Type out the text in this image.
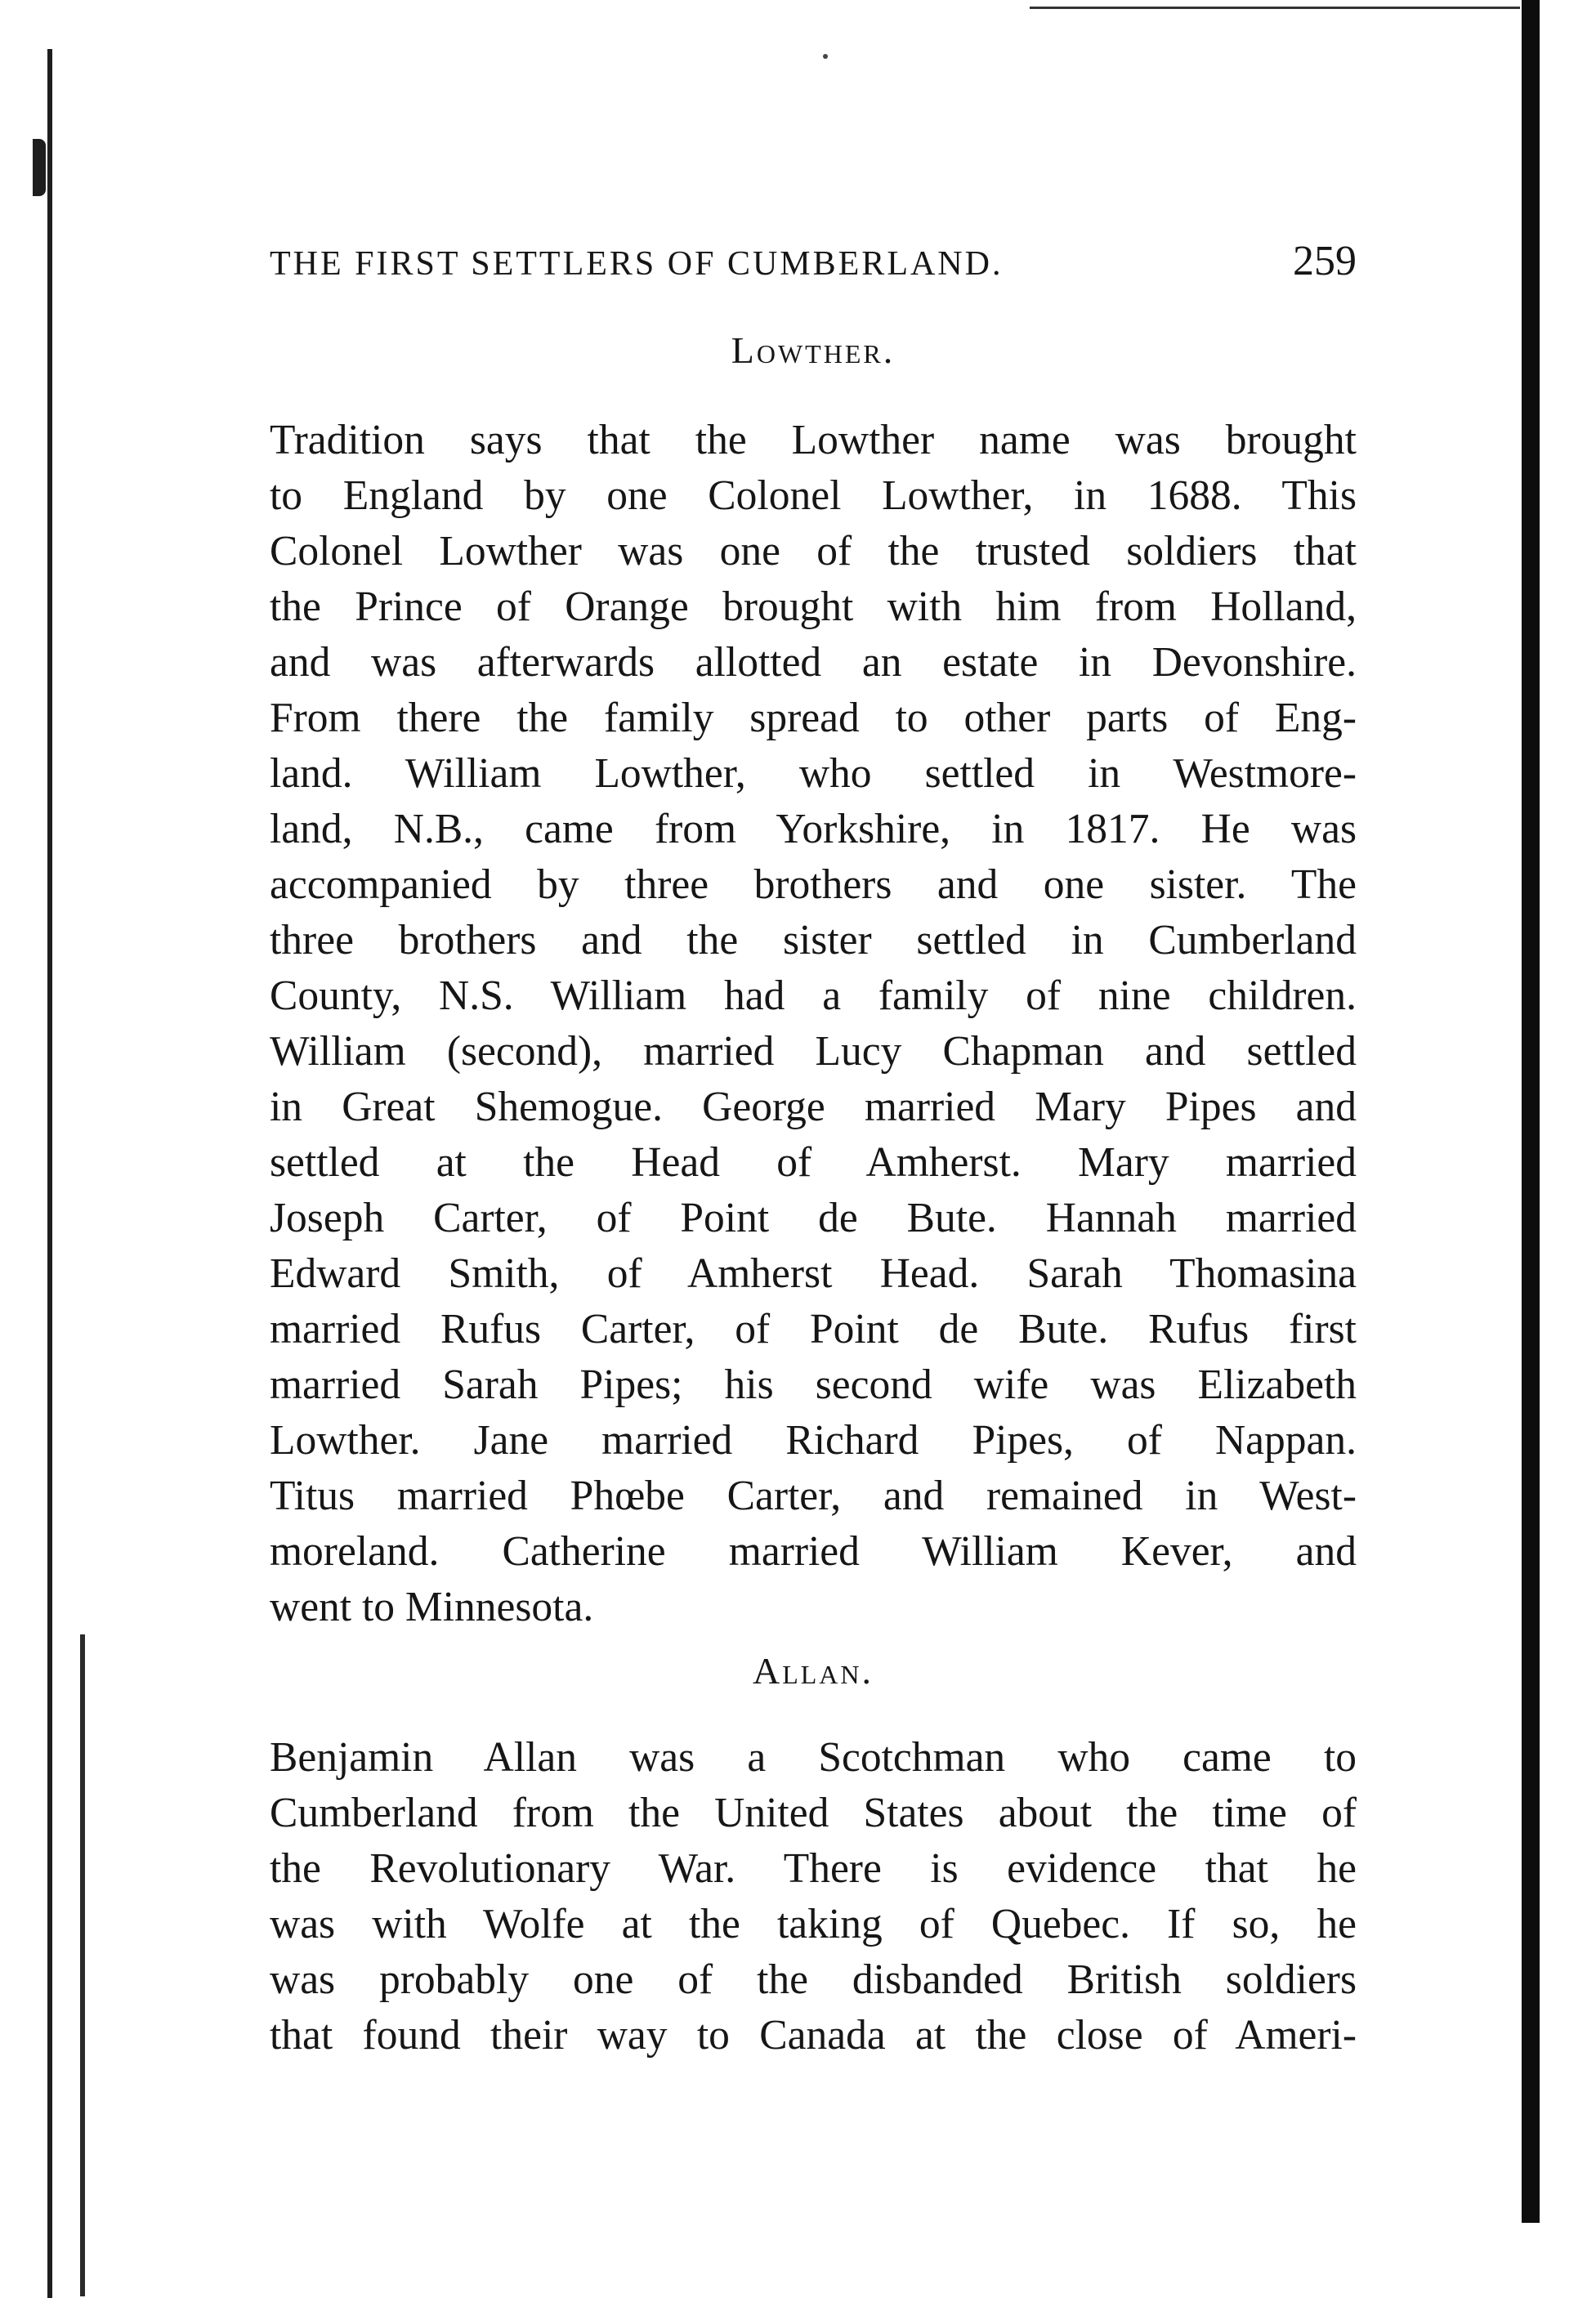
THE FIRST SETTLERS OF CUMBERLAND.	259
Lowther.
Tradition says that the Lowther name was brought
to England by one Colonel Lowther, in 1688. This
Colonel Lowther was one of the trusted soldiers that
the Prince of Orange brought with him from Holland,
and was afterwards allotted an estate in Devonshire.
From there the family spread to other parts of Eng-
land. William Lowther, who settled in Westmore-
land, N.B., came from Yorkshire, in 1817. He was
accompanied by three brothers and one sister. The
three brothers and the sister settled in Cumberland
County, N.S. William had a family of nine children.
William (second), married Lucy Chapman and settled
in Great Shemogue. George married Mary Pipes and
settled at the Head of Amherst. Mary married
Joseph Carter, of Point de Bute. Hannah married
Edward Smith, of Amherst Head. Sarah Thomasina
married Rufus Carter, of Point de Bute. Rufus first
married Sarah Pipes; his second wife was Elizabeth
Lowther. Jane married Richard Pipes, of Nappan.
Titus married Phœbe Carter, and remained in West-
moreland. Catherine married William Kever, and
went to Minnesota.
Allan.
Benjamin Allan was a Scotchman who came to
Cumberland from the United States about the time of
the Revolutionary War. There is evidence that he
was with Wolfe at the taking of Quebec. If so, he
was probably one of the disbanded British soldiers
that found their way to Canada at the close of Ameri-
